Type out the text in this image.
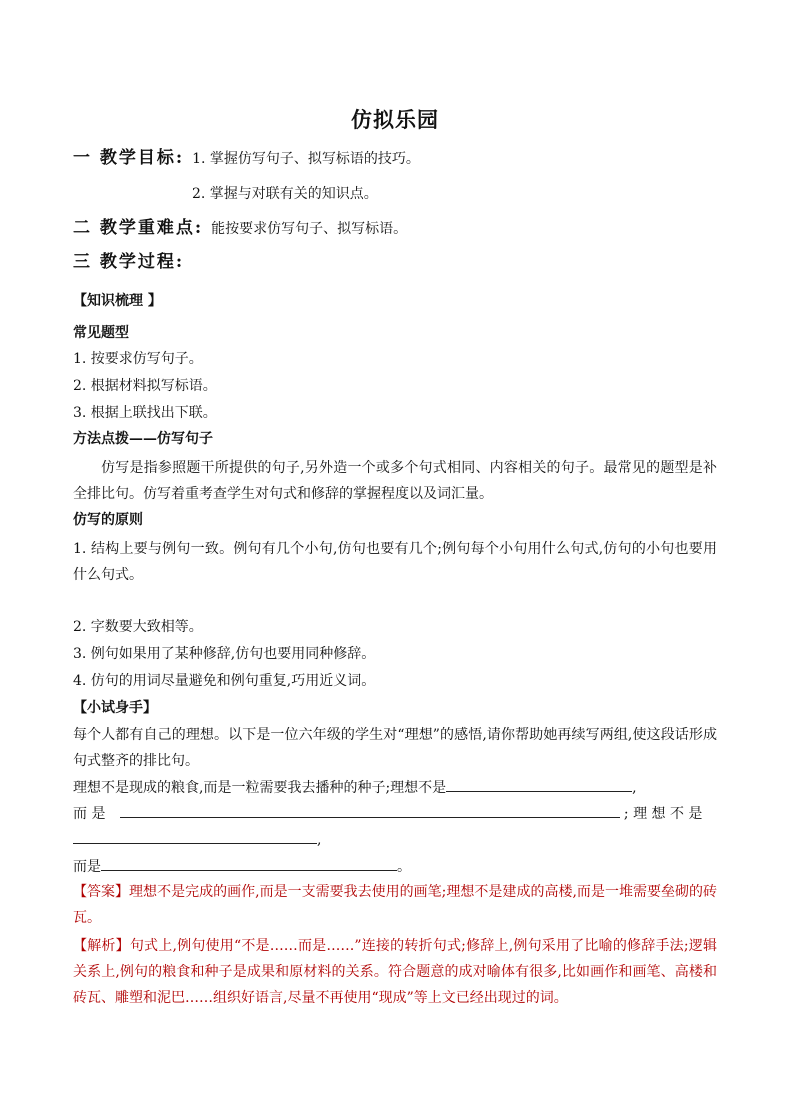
仿拟乐园
一 教学目标: 1. 掌握仿写句子、拟写标语的技巧。
2. 掌握与对联有关的知识点。
二 教学重难点: 能按要求仿写句子、拟写标语。
三 教学过程:
【知识梳理 】
常见题型
1. 按要求仿写句子。
2. 根据材料拟写标语。
3. 根据上联找出下联。
方法点拨——仿写句子
仿写是指参照题干所提供的句子,另外造一个或多个句式相同、内容相关的句子。最常见的题型是补全排比句。仿写着重考查学生对句式和修辞的掌握程度以及词汇量。
仿写的原则
1. 结构上要与例句一致。例句有几个小句,仿句也要有几个;例句每个小句用什么句式,仿句的小句也要用什么句式。
2. 字数要大致相等。
3. 例句如果用了某种修辞,仿句也要用同种修辞。
4. 仿句的用词尽量避免和例句重复,巧用近义词。
【小试身手】
每个人都有自己的理想。以下是一位六年级的学生对“理想”的感悟,请你帮助她再续写两组,使这段话形成句式整齐的排比句。
理想不是现成的粮食,而是一粒需要我去播种的种子;理想不是	,
而 是	; 理 想 不 是
,
而是	。
【答案】理想不是完成的画作,而是一支需要我去使用的画笔;理想不是建成的高楼,而是一堆需要垒砌的砖瓦。
【解析】句式上,例句使用“不是……而是……”连接的转折句式;修辞上,例句采用了比喻的修辞手法;逻辑关系上,例句的粮食和种子是成果和原材料的关系。符合题意的成对喻体有很多,比如画作和画笔、高楼和砖瓦、雕塑和泥巴……组织好语言,尽量不再使用“现成”等上文已经出现过的词。
